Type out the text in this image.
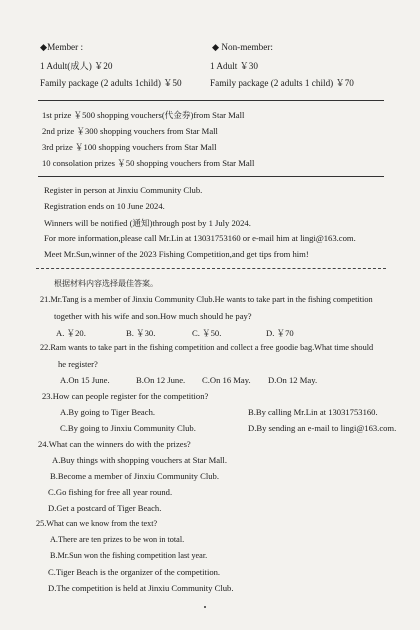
◆Member :	◆ Non-member:
1 Adult(成人) ￥20	1 Adult ￥30
Family package (2 adults 1child) ￥50	Family package (2 adults 1 child) ￥70
1st prize ￥500 shopping vouchers(代金券)from Star Mall
2nd prize ￥300 shopping vouchers from Star Mall
3rd prize ￥100 shopping vouchers from Star Mall
10 consolation prizes ￥50 shopping vouchers from Star Mall
Register in person at Jinxiu Community Club.
Registration ends on 10 June 2024.
Winners will be notified (通知)through post by 1 July 2024.
For more information,please call Mr.Lin at 13031753160 or e-mail him at lingi@163.com.
Meet Mr.Sun,winner of the 2023 Fishing Competition,and get tips from him!
根据材料内容选择最佳答案。
21.Mr.Tang is a member of Jinxiu Community Club.He wants to take part in the fishing competition
together with his wife and son.How much should he pay?
A. ￥20.	B. ￥30.	C. ￥50.	D. ￥70
22.Ram wants to take part in the fishing competition and collect a free goodie bag.What time should
he register?
A.On 15 June.	B.On 12 June. C.On 16 May. D.On 12 May.
23.How can people register for the competition?
A.By going to Tiger Beach.	B.By calling Mr.Lin at 13031753160.
C.By going to Jinxiu Community Club.	D.By sending an e-mail to lingi@163.com.
24.What can the winners do with the prizes?
A.Buy things with shopping vouchers at Star Mall.
B.Become a member of Jinxiu Community Club.
C.Go fishing for free all year round.
D.Get a postcard of Tiger Beach.
25.What can we know from the text?
A.There are ten prizes to be won in total.
B.Mr.Sun won the fishing competition last year.
C.Tiger Beach is the organizer of the competition.
D.The competition is held at Jinxiu Community Club.
